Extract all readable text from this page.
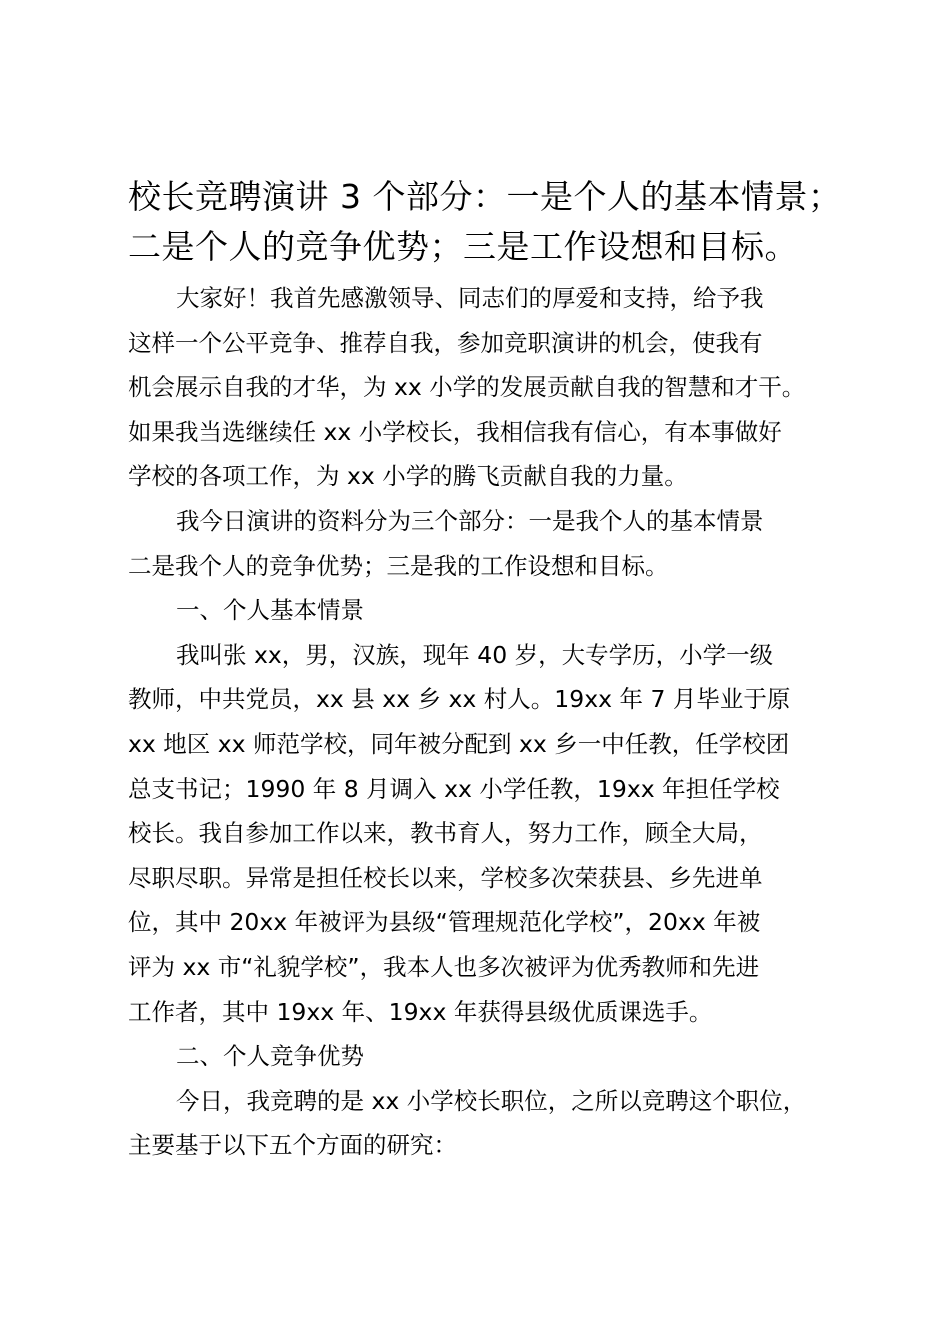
校长竞聘演讲 3 个部分：一是个人的基本情景；
二是个人的竞争优势；三是工作设想和目标。

大家好！我首先感激领导、同志们的厚爱和支持，给予我
这样一个公平竞争、推荐自我，参加竞职演讲的机会，使我有
机会展示自我的才华，为 xx 小学的发展贡献自我的智慧和才干。
如果我当选继续任 xx 小学校长，我相信我有信心，有本事做好
学校的各项工作，为 xx 小学的腾飞贡献自我的力量。

我今日演讲的资料分为三个部分：一是我个人的基本情景
二是我个人的竞争优势；三是我的工作设想和目标。

一、个人基本情景

我叫张 xx，男，汉族，现年 40 岁，大专学历，小学一级
教师，中共党员，xx 县 xx 乡 xx 村人。19xx 年 7 月毕业于原
xx 地区 xx 师范学校，同年被分配到 xx 乡一中任教，任学校团
总支书记；1990 年 8 月调入 xx 小学任教，19xx 年担任学校
校长。我自参加工作以来，教书育人，努力工作，顾全大局，
尽职尽职。异常是担任校长以来，学校多次荣获县、乡先进单
位，其中 20xx 年被评为县级“管理规范化学校”，20xx 年被
评为 xx 市“礼貌学校”，我本人也多次被评为优秀教师和先进
工作者，其中 19xx 年、19xx 年获得县级优质课选手。

二、个人竞争优势

今日，我竞聘的是 xx 小学校长职位，之所以竞聘这个职位，
主要基于以下五个方面的研究：
